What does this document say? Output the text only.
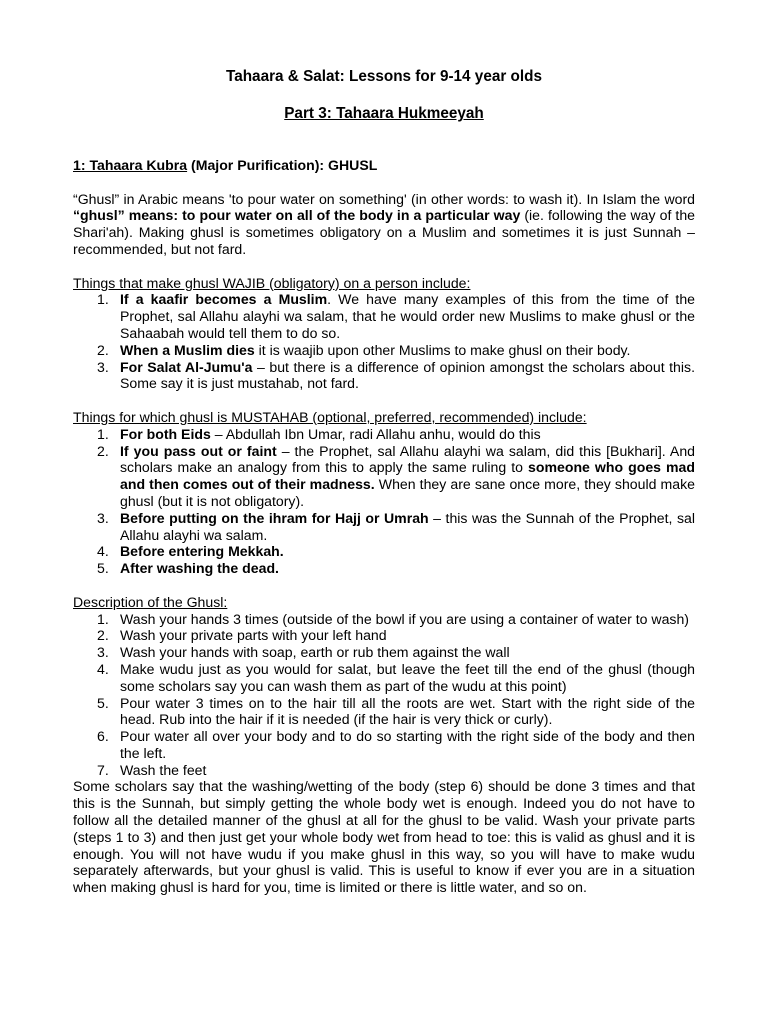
Tahaara & Salat: Lessons for 9-14 year olds

Part 3: Tahaara Hukmeeyah

1: Tahaara Kubra (Major Purification): GHUSL

“Ghusl” in Arabic means 'to pour water on something' (in other words: to wash it). In Islam the word “ghusl” means: to pour water on all of the body in a particular way (ie. following the way of the Shari'ah). Making ghusl is sometimes obligatory on a Muslim and sometimes it is just Sunnah – recommended, but not fard.

Things that make ghusl WAJIB (obligatory) on a person include:

1. If a kaafir becomes a Muslim. We have many examples of this from the time of the Prophet, sal Allahu alayhi wa salam, that he would order new Muslims to make ghusl or the Sahaabah would tell them to do so.
2. When a Muslim dies it is waajib upon other Muslims to make ghusl on their body.
3. For Salat Al-Jumu'a – but there is a difference of opinion amongst the scholars about this. Some say it is just mustahab, not fard.

Things for which ghusl is MUSTAHAB (optional, preferred, recommended) include:

1. For both Eids – Abdullah Ibn Umar, radi Allahu anhu, would do this
2. If you pass out or faint – the Prophet, sal Allahu alayhi wa salam, did this [Bukhari]. And scholars make an analogy from this to apply the same ruling to someone who goes mad and then comes out of their madness. When they are sane once more, they should make ghusl (but it is not obligatory).
3. Before putting on the ihram for Hajj or Umrah – this was the Sunnah of the Prophet, sal Allahu alayhi wa salam.
4. Before entering Mekkah.
5. After washing the dead.

Description of the Ghusl:

1. Wash your hands 3 times (outside of the bowl if you are using a container of water to wash)
2. Wash your private parts with your left hand
3. Wash your hands with soap, earth or rub them against the wall
4. Make wudu just as you would for salat, but leave the feet till the end of the ghusl (though some scholars say you can wash them as part of the wudu at this point)
5. Pour water 3 times on to the hair till all the roots are wet. Start with the right side of the head. Rub into the hair if it is needed (if the hair is very thick or curly).
6. Pour water all over your body and to do so starting with the right side of the body and then the left.
7. Wash the feet

Some scholars say that the washing/wetting of the body (step 6) should be done 3 times and that this is the Sunnah, but simply getting the whole body wet is enough. Indeed you do not have to follow all the detailed manner of the ghusl at all for the ghusl to be valid. Wash your private parts (steps 1 to 3) and then just get your whole body wet from head to toe: this is valid as ghusl and it is enough. You will not have wudu if you make ghusl in this way, so you will have to make wudu separately afterwards, but your ghusl is valid. This is useful to know if ever you are in a situation when making ghusl is hard for you, time is limited or there is little water, and so on.
